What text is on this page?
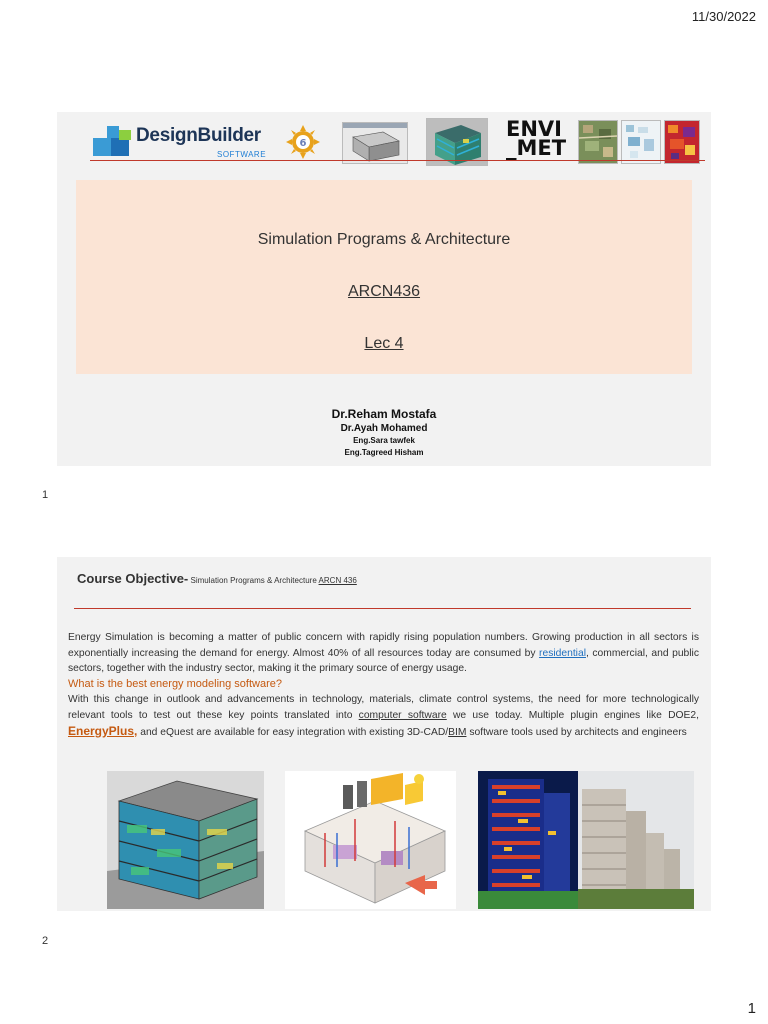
11/30/2022
DesignBuilder
SOFTWARE
6
ENVI
_MET
Simulation Programs & Architecture
ARCN436
Lec 4
Dr.Reham Mostafa
Dr.Ayah Mohamed
Eng.Sara tawfek
Eng.Tagreed Hisham
1
Course Objective- Simulation Programs & Architecture ARCN 436
Energy Simulation is becoming a matter of public concern with rapidly rising population numbers. Growing production in all sectors is exponentially increasing the demand for energy. Almost 40% of all resources today are consumed by residential, commercial, and public sectors, together with the industry sector, making it the primary source of energy usage.
What is the best energy modeling software?
With this change in outlook and advancements in technology, materials, climate control systems, the need for more technologically relevant tools to test out these key points translated into computer software we use today. Multiple plugin engines like DOE2, EnergyPlus, and eQuest are available for easy integration with existing 3D-CAD/BIM software tools used by architects and engineers
2
1
